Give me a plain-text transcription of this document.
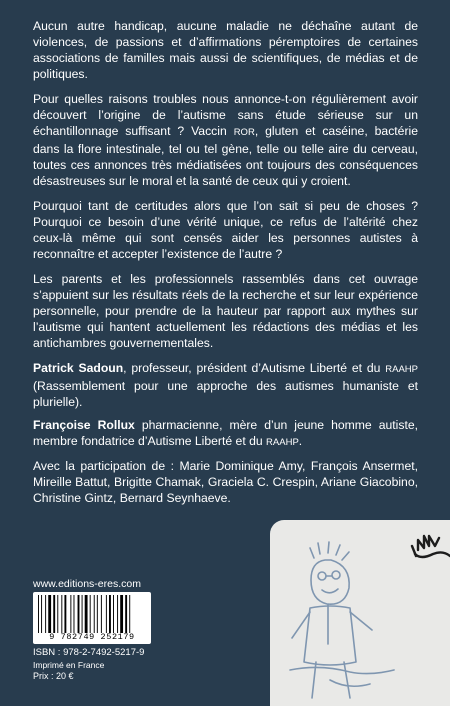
Aucun autre handicap, aucune maladie ne déchaîne autant de violences, de passions et d’affirmations péremptoires de certaines associations de familles mais aussi de scientifiques, de médias et de politiques.

Pour quelles raisons troubles nous annonce-t-on régulièrement avoir découvert l’origine de l’autisme sans étude sérieuse sur un échantillonnage suffisant ? Vaccin ROR, gluten et caséine, bactérie dans la flore intestinale, tel ou tel gène, telle ou telle aire du cerveau, toutes ces annonces très médiatisées ont toujours des conséquences désastreuses sur le moral et la santé de ceux qui y croient.

Pourquoi tant de certitudes alors que l’on sait si peu de choses ? Pourquoi ce besoin d’une vérité unique, ce refus de l’altérité chez ceux-là même qui sont censés aider les personnes autistes à reconnaître et accepter l’existence de l’autre ?

Les parents et les professionnels rassemblés dans cet ouvrage s’appuient sur les résultats réels de la recherche et sur leur expérience personnelle, pour prendre de la hauteur par rapport aux mythes sur l’autisme qui hantent actuellement les rédactions des médias et les antichambres gouvernementales.

Patrick Sadoun, professeur, président d’Autisme Liberté et du RAAHP (Rassemblement pour une approche des autismes humaniste et plurielle).

Françoise Rollux pharmacienne, mère d’un jeune homme autiste, membre fondatrice d’Autisme Liberté et du RAAHP.

Avec la participation de : Marie Dominique Amy, François Ansermet, Mireille Battut, Brigitte Chamak, Graciela C. Crespin, Ariane Giacobino, Christine Gintz, Bernard Seynhaeve.

www.editions-eres.com
9 782749 252179
ISBN : 978-2-7492-5217-9
Imprimé en France
Prix : 20 €
